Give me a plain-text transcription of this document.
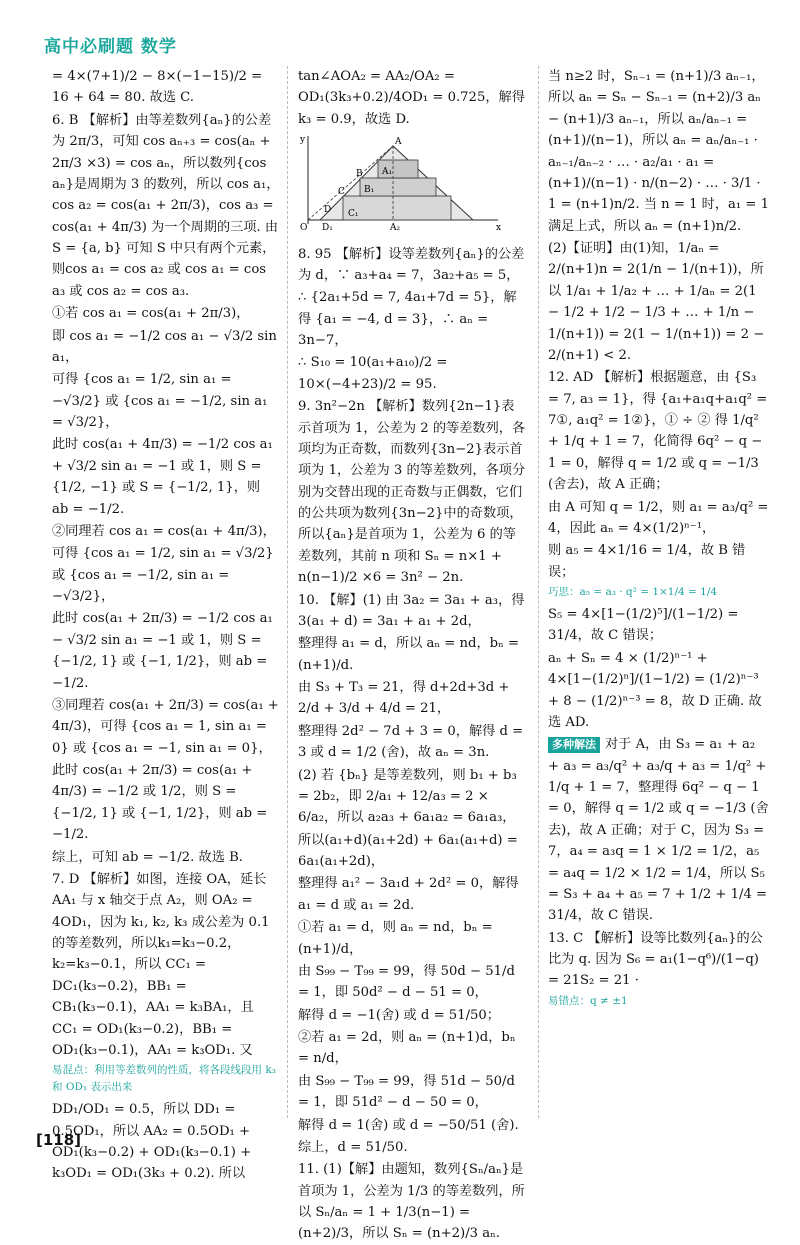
高中必刷题 数学

= 4×(7+1)/2 − 8×(−1−15)/2 = 16 + 64 = 80. 故选 C.

6. B 【解析】由等差数列{aₙ}的公差为 2π/3，可知 cos aₙ₊₃ = cos(aₙ + 2π/3 ×3) = cos aₙ，所以数列{cos aₙ}是周期为 3 的数列，所以 cos a₁，cos a₂ = cos(a₁ + 2π/3)，cos a₃ = cos(a₁ + 4π/3) 为一个周期的三项. 由 S = {a, b} 可知 S 中只有两个元素，则cos a₁ = cos a₂ 或 cos a₁ = cos a₃ 或 cos a₂ = cos a₃.

①若 cos a₁ = cos(a₁ + 2π/3)，

即 cos a₁ = −1/2 cos a₁ − √3/2 sin a₁，

可得 {cos a₁ = 1/2, sin a₁ = −√3/2} 或 {cos a₁ = −1/2, sin a₁ = √3/2}，

此时 cos(a₁ + 4π/3) = −1/2 cos a₁ + √3/2 sin a₁ = −1 或 1，则 S = {1/2, −1} 或 S = {−1/2, 1}，则 ab = −1/2.

②同理若 cos a₁ = cos(a₁ + 4π/3)，

可得 {cos a₁ = 1/2, sin a₁ = √3/2} 或 {cos a₁ = −1/2, sin a₁ = −√3/2}，

此时 cos(a₁ + 2π/3) = −1/2 cos a₁ − √3/2 sin a₁ = −1 或 1，则 S = {−1/2, 1} 或 {−1, 1/2}，则 ab = −1/2.

③同理若 cos(a₁ + 2π/3) = cos(a₁ + 4π/3)，可得 {cos a₁ = 1, sin a₁ = 0} 或 {cos a₁ = −1, sin a₁ = 0}，

此时 cos(a₁ + 2π/3) = cos(a₁ + 4π/3) = −1/2 或 1/2，则 S = {−1/2, 1} 或 {−1, 1/2}，则 ab = −1/2.

综上，可知 ab = −1/2. 故选 B.

7. D 【解析】如图，连接 OA，延长 AA₁ 与 x 轴交于点 A₂，则 OA₂ = 4OD₁，因为 k₁, k₂, k₃ 成公差为 0.1 的等差数列，所以k₁=k₃−0.2，k₂=k₃−0.1，所以 CC₁ = DC₁(k₃−0.2)，BB₁ = CB₁(k₃−0.1)，AA₁ = k₃BA₁，且 CC₁ = OD₁(k₃−0.2)，BB₁ = OD₁(k₃−0.1)，AA₁ = k₃OD₁. 又

易混点：利用等差数列的性质，将各段线段用 k₃ 和 OD₁ 表示出来

DD₁/OD₁ = 0.5，所以 DD₁ = 0.5OD₁，所以 AA₂ = 0.5OD₁ + OD₁(k₃−0.2) + OD₁(k₃−0.1) + k₃OD₁ = OD₁(3k₃ + 0.2). 所以

tan∠AOA₂ = AA₂/OA₂ = OD₁(3k₃+0.2)/4OD₁ = 0.725，解得 k₃ = 0.9，故选 D.

y
x
O
A
A₂
D₁
C₁
B₁
A₁
D
C
B

8. 95 【解析】设等差数列{aₙ}的公差为 d，∵ a₃+a₄ = 7，3a₂+a₅ = 5，

∴ {2a₁+5d = 7, 4a₁+7d = 5}，解得 {a₁ = −4, d = 3}，∴ aₙ = 3n−7，

∴ S₁₀ = 10(a₁+a₁₀)/2 = 10×(−4+23)/2 = 95.

9. 3n²−2n 【解析】数列{2n−1}表示首项为 1，公差为 2 的等差数列，各项均为正奇数，而数列{3n−2}表示首项为 1，公差为 3 的等差数列，各项分别为交替出现的正奇数与正偶数，它们的公共项为数列{3n−2}中的奇数项，所以{aₙ}是首项为 1，公差为 6 的等差数列，其前 n 项和 Sₙ = n×1 + n(n−1)/2 ×6 = 3n² − 2n.

10. 【解】(1) 由 3a₂ = 3a₁ + a₃，得 3(a₁ + d) = 3a₁ + a₁ + 2d，

整理得 a₁ = d，所以 aₙ = nd，bₙ = (n+1)/d.

由 S₃ + T₃ = 21，得 d+2d+3d + 2/d + 3/d + 4/d = 21，

整理得 2d² − 7d + 3 = 0，解得 d = 3 或 d = 1/2 (舍)，故 aₙ = 3n.

(2) 若 {bₙ} 是等差数列，则 b₁ + b₃ = 2b₂，即 2/a₁ + 12/a₃ = 2 × 6/a₂，所以 a₂a₃ + 6a₁a₂ = 6a₁a₃，

所以(a₁+d)(a₁+2d) + 6a₁(a₁+d) = 6a₁(a₁+2d)，

整理得 a₁² − 3a₁d + 2d² = 0，解得 a₁ = d 或 a₁ = 2d.

①若 a₁ = d，则 aₙ = nd，bₙ = (n+1)/d，

由 S₉₉ − T₉₉ = 99，得 50d − 51/d = 1，即 50d² − d − 51 = 0，

解得 d = −1(舍) 或 d = 51/50；

②若 a₁ = 2d，则 aₙ = (n+1)d，bₙ = n/d，

由 S₉₉ − T₉₉ = 99，得 51d − 50/d = 1，即 51d² − d − 50 = 0，

解得 d = 1(舍) 或 d = −50/51 (舍).

综上，d = 51/50.

11. (1)【解】由题知，数列{Sₙ/aₙ}是首项为 1，公差为 1/3 的等差数列，所以 Sₙ/aₙ = 1 + 1/3(n−1) = (n+2)/3，所以 Sₙ = (n+2)/3 aₙ.

当 n≥2 时，Sₙ₋₁ = (n+1)/3 aₙ₋₁，所以 aₙ = Sₙ − Sₙ₋₁ = (n+2)/3 aₙ − (n+1)/3 aₙ₋₁，所以 aₙ/aₙ₋₁ = (n+1)/(n−1)，所以 aₙ = aₙ/aₙ₋₁ · aₙ₋₁/aₙ₋₂ · … · a₂/a₁ · a₁ = (n+1)/(n−1) · n/(n−2) · … · 3/1 · 1 = (n+1)n/2. 当 n = 1 时，a₁ = 1 满足上式，所以 aₙ = (n+1)n/2.

(2)【证明】由(1)知，1/aₙ = 2/(n+1)n = 2(1/n − 1/(n+1))，所以 1/a₁ + 1/a₂ + … + 1/aₙ = 2(1 − 1/2 + 1/2 − 1/3 + … + 1/n − 1/(n+1)) = 2(1 − 1/(n+1)) = 2 − 2/(n+1) < 2.

12. AD 【解析】根据题意，由 {S₃ = 7, a₃ = 1}，得 {a₁+a₁q+a₁q² = 7①, a₁q² = 1②}，① ÷ ② 得 1/q² + 1/q + 1 = 7，化简得 6q² − q − 1 = 0，解得 q = 1/2 或 q = −1/3 (舍去)，故 A 正确；

由 A 可知 q = 1/2，则 a₁ = a₃/q² = 4，因此 aₙ = 4×(1/2)ⁿ⁻¹，

则 a₅ = 4×1/16 = 1/4，故 B 错误；

巧思：a₅ = a₃ · q² = 1×1/4 = 1/4

S₅ = 4×[1−(1/2)⁵]/(1−1/2) = 31/4，故 C 错误；

aₙ + Sₙ = 4 × (1/2)ⁿ⁻¹ + 4×[1−(1/2)ⁿ]/(1−1/2) = (1/2)ⁿ⁻³ + 8 − (1/2)ⁿ⁻³ = 8，故 D 正确. 故选 AD.

多种解法 对于 A，由 S₃ = a₁ + a₂ + a₃ = a₃/q² + a₃/q + a₃ = 1/q² + 1/q + 1 = 7，整理得 6q² − q − 1 = 0，解得 q = 1/2 或 q = −1/3 (舍去)，故 A 正确；对于 C，因为 S₃ = 7，a₄ = a₃q = 1 × 1/2 = 1/2，a₅ = a₄q = 1/2 × 1/2 = 1/4，所以 S₅ = S₃ + a₄ + a₅ = 7 + 1/2 + 1/4 = 31/4，故 C 错误.

13. C 【解析】设等比数列{aₙ}的公比为 q. 因为 S₆ = a₁(1−q⁶)/(1−q) = 21S₂ = 21 ·

易错点：q ≠ ±1
[118]
